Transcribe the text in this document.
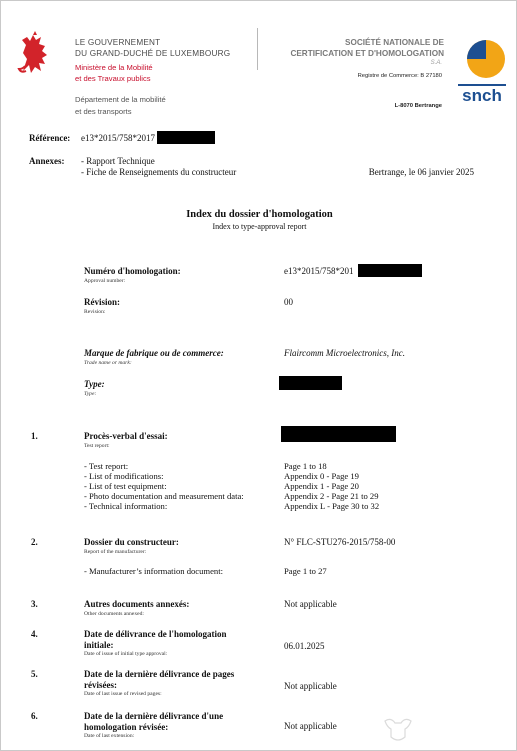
LE GOUVERNEMENT
DU GRAND-DUCHÉ DE LUXEMBOURG
Ministère de la Mobilité
et des Travaux publics
Département de la mobilité
et des transports
SOCIÉTÉ NATIONALE DE
CERTIFICATION ET D'HOMOLOGATION
S.A.
Registre de Commerce: B 27180
L-8070 Bertrange
snch
Référence: e13*2015/758*2017
Annexes: - Rapport Technique
- Fiche de Renseignements du constructeur	Bertrange, le 06 janvier 2025
Index du dossier d'homologation
Index to type-approval report
Numéro d'homologation:
Approval number:
e13*2015/758*201
Révision:
Revision:
00
Marque de fabrique ou de commerce:
Trade name or mark:
Flaircomm Microelectronics, Inc.
Type:
Type:
1.	Procès-verbal d'essai:
Test report:
- Test report:	Page 1 to 18
- List of modifications:	Appendix 0 - Page 19
- List of test equipment:	Appendix 1 - Page 20
- Photo documentation and measurement data:	Appendix 2 - Page 21 to 29
- Technical information:	Appendix L - Page 30 to 32
2.	Dossier du constructeur:
Report of the manufacturer:
N° FLC-STU276-2015/758-00
- Manufacturer’s information document:	Page 1 to 27
3.	Autres documents annexés:
Other documents annexed:
Not applicable
4.	Date de délivrance de l'homologation
initiale:
Date of issue of initial type approval:
06.01.2025
5.	Date de la dernière délivrance de pages
révisées:
Date of last issue of revised pages:
Not applicable
6.	Date de la dernière délivrance d'une
homologation révisée:
Date of last extension:
Not applicable
